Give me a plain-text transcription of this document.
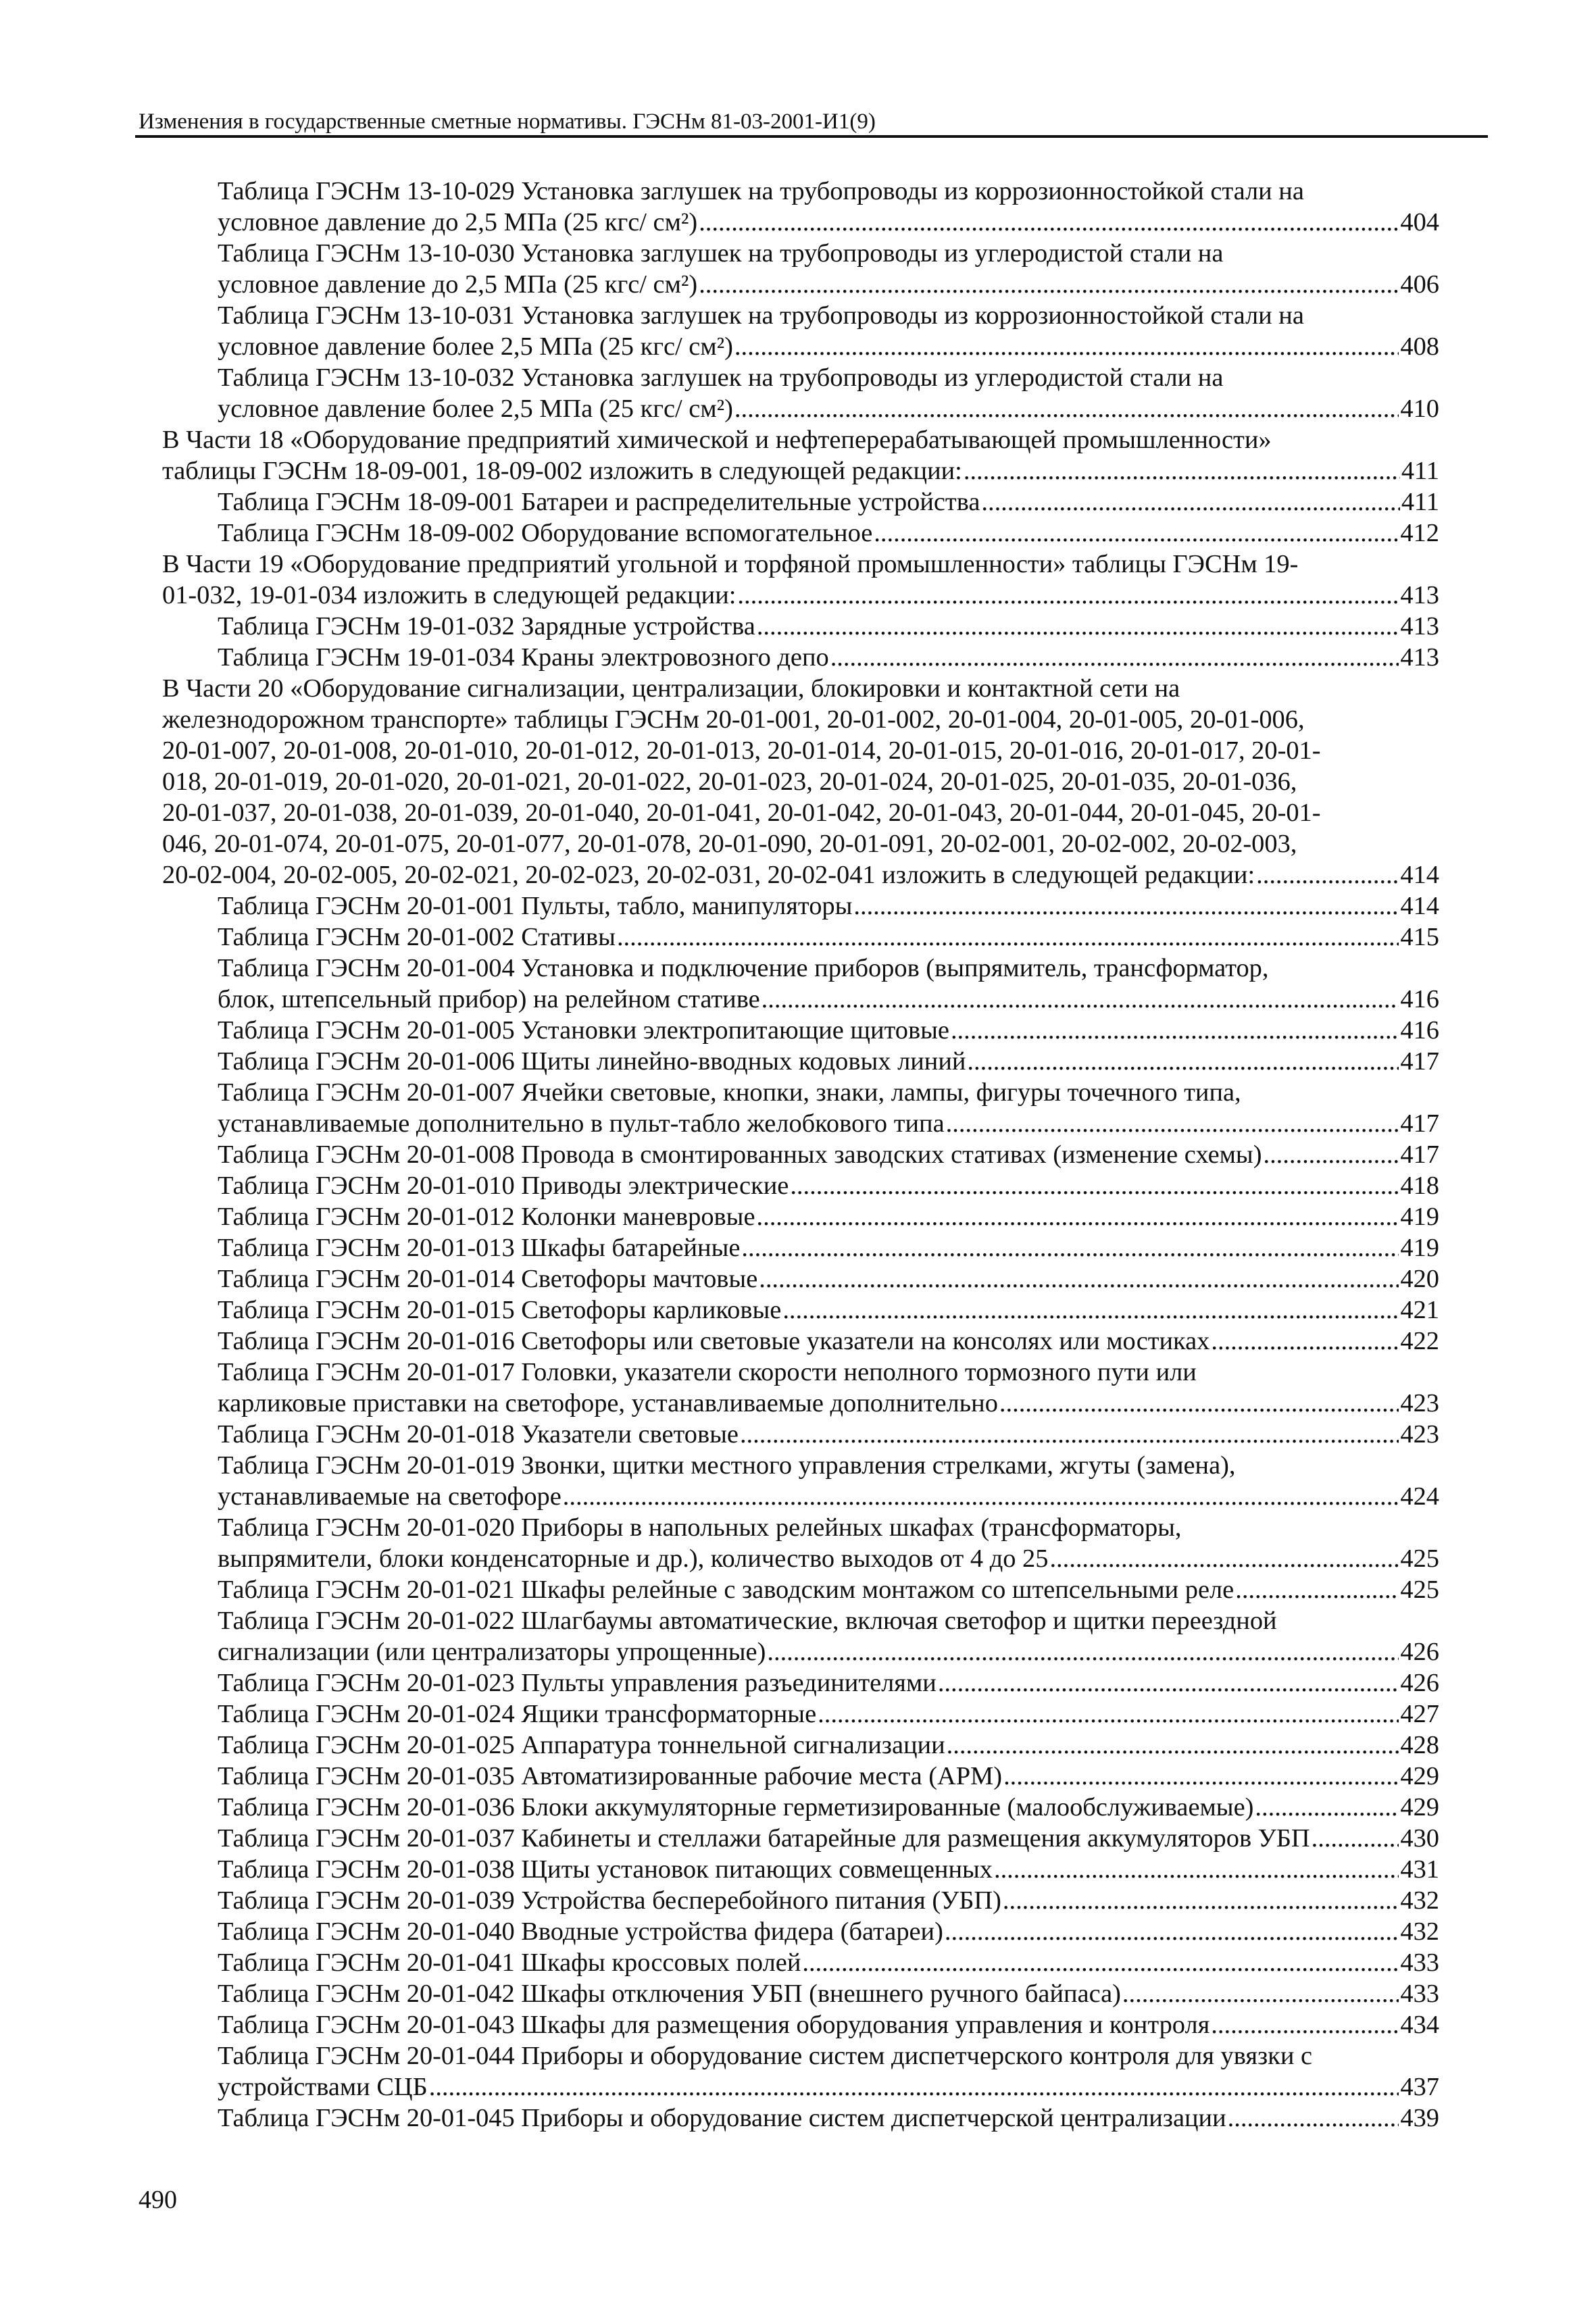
Изменения в государственные сметные нормативы. ГЭСНм 81-03-2001-И1(9)
Таблица ГЭСНм 13-10-029 Установка заглушек на трубопроводы из коррозионностойкой стали на
условное давление до 2,5 МПа (25 кгс/ см²) .....	404
Таблица ГЭСНм 13-10-030 Установка заглушек на трубопроводы из углеродистой стали на
условное давление до 2,5 МПа (25 кгс/ см²) .....	406
Таблица ГЭСНм 13-10-031 Установка заглушек на трубопроводы из коррозионностойкой стали на
условное давление более 2,5 МПа (25 кгс/ см²) .....	408
Таблица ГЭСНм 13-10-032 Установка заглушек на трубопроводы из углеродистой стали на
условное давление более 2,5 МПа (25 кгс/ см²) .....	410
В Части 18 «Оборудование предприятий химической и нефтеперерабатывающей промышленности»
таблицы ГЭСНм 18-09-001, 18-09-002 изложить в следующей редакции: .....	411
Таблица ГЭСНм 18-09-001 Батареи и распределительные устройства .....	411
Таблица ГЭСНм 18-09-002 Оборудование вспомогательное .....	412
В Части 19 «Оборудование предприятий угольной и торфяной промышленности» таблицы ГЭСНм 19-
01-032, 19-01-034 изложить в следующей редакции: .....	413
Таблица ГЭСНм 19-01-032 Зарядные устройства .....	413
Таблица ГЭСНм 19-01-034 Краны электровозного депо .....	413
В Части 20 «Оборудование сигнализации, централизации, блокировки и контактной сети на
железнодорожном транспорте» таблицы ГЭСНм 20-01-001, 20-01-002, 20-01-004, 20-01-005, 20-01-006,
20-01-007, 20-01-008, 20-01-010, 20-01-012, 20-01-013, 20-01-014, 20-01-015, 20-01-016, 20-01-017, 20-01-
018, 20-01-019, 20-01-020, 20-01-021, 20-01-022, 20-01-023, 20-01-024, 20-01-025, 20-01-035, 20-01-036,
20-01-037, 20-01-038, 20-01-039, 20-01-040, 20-01-041, 20-01-042, 20-01-043, 20-01-044, 20-01-045, 20-01-
046, 20-01-074, 20-01-075, 20-01-077, 20-01-078, 20-01-090, 20-01-091, 20-02-001, 20-02-002, 20-02-003,
20-02-004, 20-02-005, 20-02-021, 20-02-023, 20-02-031, 20-02-041 изложить в следующей редакции: .....	414
Таблица ГЭСНм 20-01-001 Пульты, табло, манипуляторы .....	414
Таблица ГЭСНм 20-01-002 Стативы .....	415
Таблица ГЭСНм 20-01-004 Установка и подключение приборов (выпрямитель, трансформатор,
блок, штепсельный прибор) на релейном стативе .....	416
Таблица ГЭСНм 20-01-005 Установки электропитающие щитовые .....	416
Таблица ГЭСНм 20-01-006 Щиты линейно-вводных кодовых линий .....	417
Таблица ГЭСНм 20-01-007 Ячейки световые, кнопки, знаки, лампы, фигуры точечного типа,
устанавливаемые дополнительно в пульт-табло желобкового типа .....	417
Таблица ГЭСНм 20-01-008 Провода в смонтированных заводских стативах (изменение схемы) .....	417
Таблица ГЭСНм 20-01-010 Приводы электрические .....	418
Таблица ГЭСНм 20-01-012 Колонки маневровые .....	419
Таблица ГЭСНм 20-01-013 Шкафы батарейные .....	419
Таблица ГЭСНм 20-01-014 Светофоры мачтовые .....	420
Таблица ГЭСНм 20-01-015 Светофоры карликовые .....	421
Таблица ГЭСНм 20-01-016 Светофоры или световые указатели на консолях или мостиках .....	422
Таблица ГЭСНм 20-01-017 Головки, указатели скорости неполного тормозного пути или
карликовые приставки на светофоре, устанавливаемые дополнительно .....	423
Таблица ГЭСНм 20-01-018 Указатели световые .....	423
Таблица ГЭСНм 20-01-019 Звонки, щитки местного управления стрелками, жгуты (замена),
устанавливаемые на светофоре .....	424
Таблица ГЭСНм 20-01-020 Приборы в напольных релейных шкафах (трансформаторы,
выпрямители, блоки конденсаторные и др.), количество выходов от 4 до 25 .....	425
Таблица ГЭСНм 20-01-021 Шкафы релейные с заводским монтажом со штепсельными реле .....	425
Таблица ГЭСНм 20-01-022 Шлагбаумы автоматические, включая светофор и щитки переездной
сигнализации (или централизаторы упрощенные) .....	426
Таблица ГЭСНм 20-01-023 Пульты управления разъединителями .....	426
Таблица ГЭСНм 20-01-024 Ящики трансформаторные .....	427
Таблица ГЭСНм 20-01-025 Аппаратура тоннельной сигнализации .....	428
Таблица ГЭСНм 20-01-035 Автоматизированные рабочие места (АРМ) .....	429
Таблица ГЭСНм 20-01-036 Блоки аккумуляторные герметизированные (малообслуживаемые) .....	429
Таблица ГЭСНм 20-01-037 Кабинеты и стеллажи батарейные для размещения аккумуляторов УБП .....	430
Таблица ГЭСНм 20-01-038 Щиты установок питающих совмещенных .....	431
Таблица ГЭСНм 20-01-039 Устройства бесперебойного питания (УБП) .....	432
Таблица ГЭСНм 20-01-040 Вводные устройства фидера (батареи) .....	432
Таблица ГЭСНм 20-01-041 Шкафы кроссовых полей .....	433
Таблица ГЭСНм 20-01-042 Шкафы отключения УБП (внешнего ручного байпаса) .....	433
Таблица ГЭСНм 20-01-043 Шкафы для размещения оборудования управления и контроля .....	434
Таблица ГЭСНм 20-01-044 Приборы и оборудование систем диспетчерского контроля для увязки с
устройствами СЦБ .....	437
Таблица ГЭСНм 20-01-045 Приборы и оборудование систем диспетчерской централизации .....	439
490
